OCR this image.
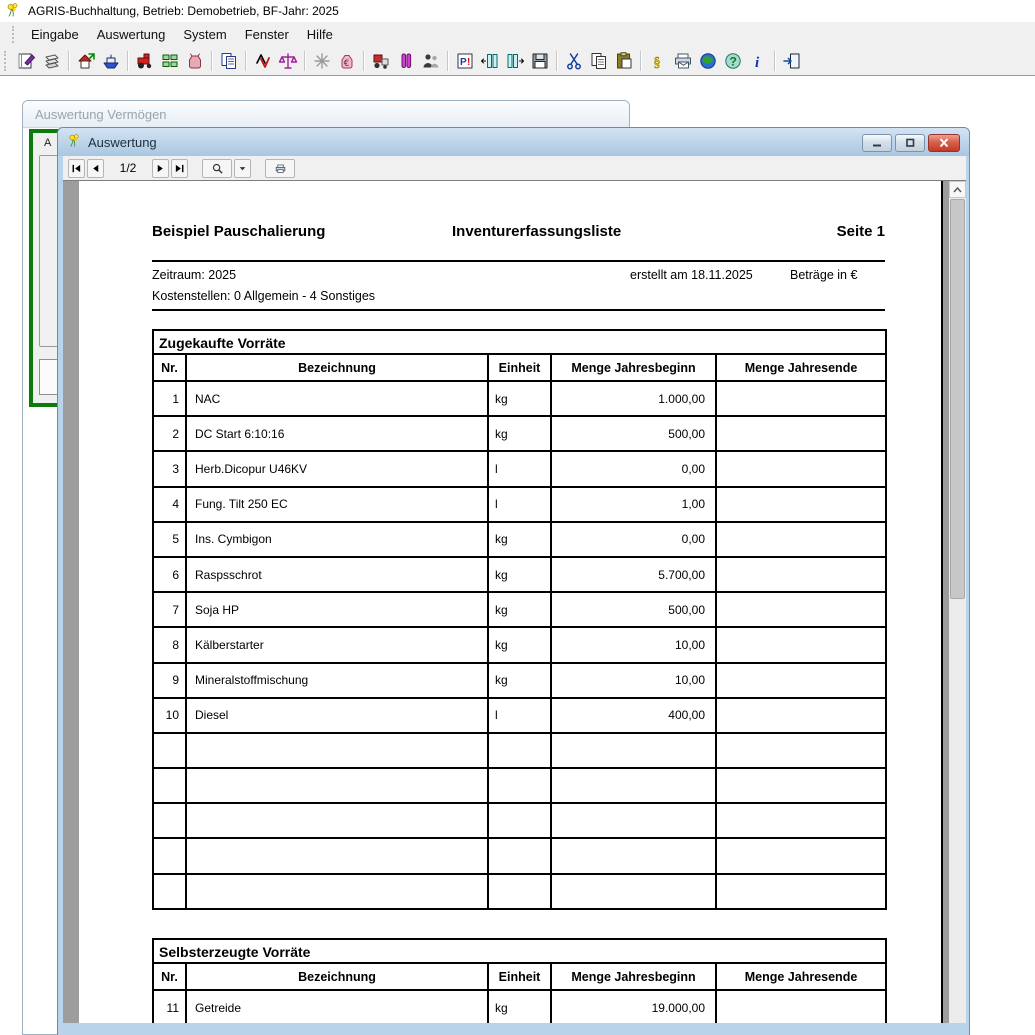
AGRIS-Buchhaltung, Betrieb: Demobetrieb, BF-Jahr: 2025
Eingabe	Auswertung	System	Fenster	Hilfe
€	P !	§	? i
Auswertung Vermögen
A	Auswertung
1/2
Beispiel Pauschalierung	Inventurerfassungsliste	Seite 1
Zeitraum: 2025	erstellt am 18.11.2025	Beträge in €
Kostenstellen: 0 Allgemein - 4 Sonstiges
Zugekaufte Vorräte				
Nr.	Bezeichnung	Einheit	Menge Jahresbeginn	Menge Jahresende
1	NAC	kg	1.000,00	
2	DC Start 6:10:16	kg	500,00	
3	Herb.Dicopur U46KV	l	0,00	
4	Fung. Tilt 250 EC	l	1,00	
5	Ins. Cymbigon	kg	0,00	
6	Raspsschrot	kg	5.700,00	
7	Soja HP	kg	500,00	
8	Kälberstarter	kg	10,00	
9	Mineralstoffmischung	kg	10,00	
10	Diesel	l	400,00	

Selbsterzeugte Vorräte				
Nr.	Bezeichnung	Einheit	Menge Jahresbeginn	Menge Jahresende
11	Getreide	kg	19.000,00	
